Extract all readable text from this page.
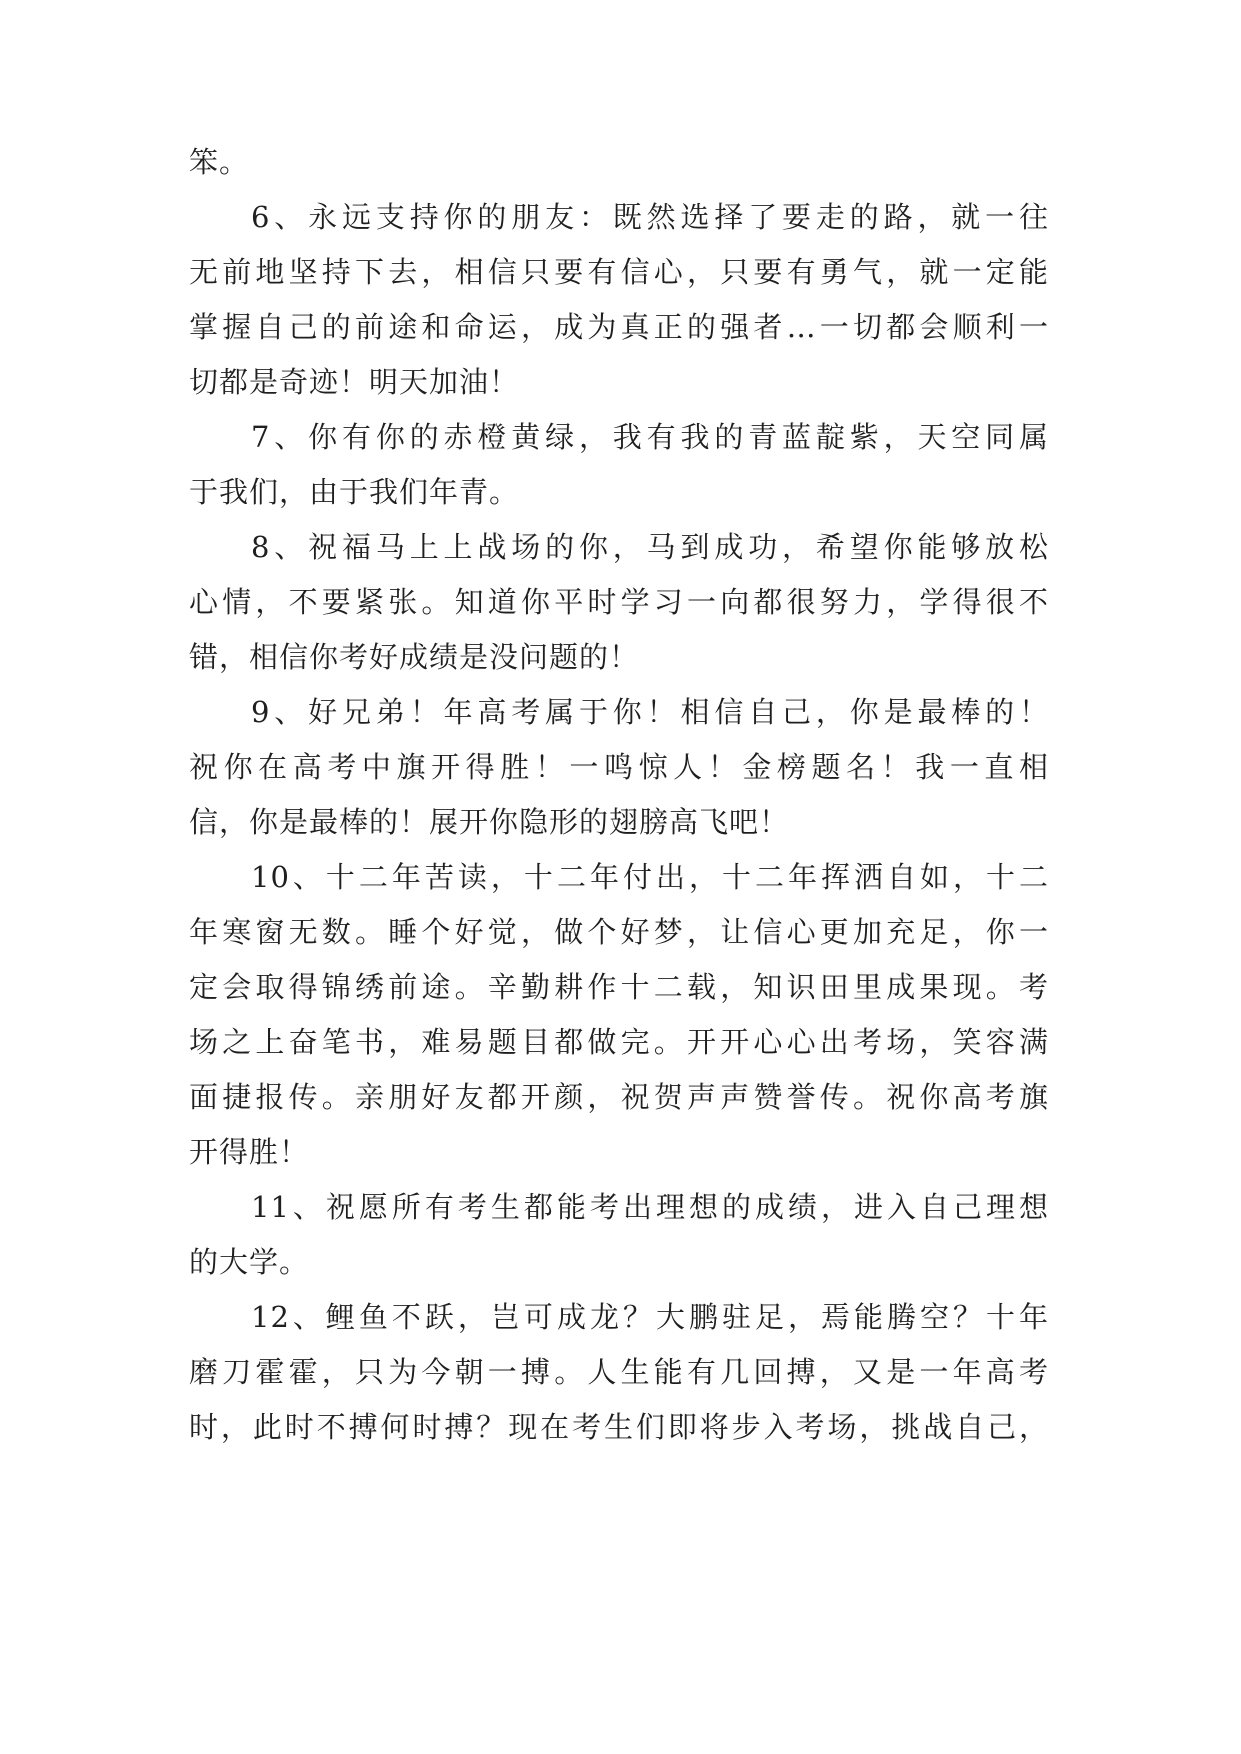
笨。
6、永远支持你的朋友：既然选择了要走的路，就一往
无前地坚持下去，相信只要有信心，只要有勇气，就一定能
掌握自己的前途和命运，成为真正的强者…一切都会顺利一
切都是奇迹！明天加油！
7、你有你的赤橙黄绿，我有我的青蓝靛紫，天空同属
于我们，由于我们年青。
8、祝福马上上战场的你，马到成功，希望你能够放松
心情，不要紧张。知道你平时学习一向都很努力，学得很不
错，相信你考好成绩是没问题的！
9、好兄弟！年高考属于你！相信自己，你是最棒的！
祝你在高考中旗开得胜！一鸣惊人！金榜题名！我一直相
信，你是最棒的！展开你隐形的翅膀高飞吧！
10、十二年苦读，十二年付出，十二年挥洒自如，十二
年寒窗无数。睡个好觉，做个好梦，让信心更加充足，你一
定会取得锦绣前途。辛勤耕作十二载，知识田里成果现。考
场之上奋笔书，难易题目都做完。开开心心出考场，笑容满
面捷报传。亲朋好友都开颜，祝贺声声赞誉传。祝你高考旗
开得胜！
11、祝愿所有考生都能考出理想的成绩，进入自己理想
的大学。
12、鲤鱼不跃，岂可成龙？大鹏驻足，焉能腾空？十年
磨刀霍霍，只为今朝一搏。人生能有几回搏，又是一年高考
时，此时不搏何时搏？现在考生们即将步入考场，挑战自己，
